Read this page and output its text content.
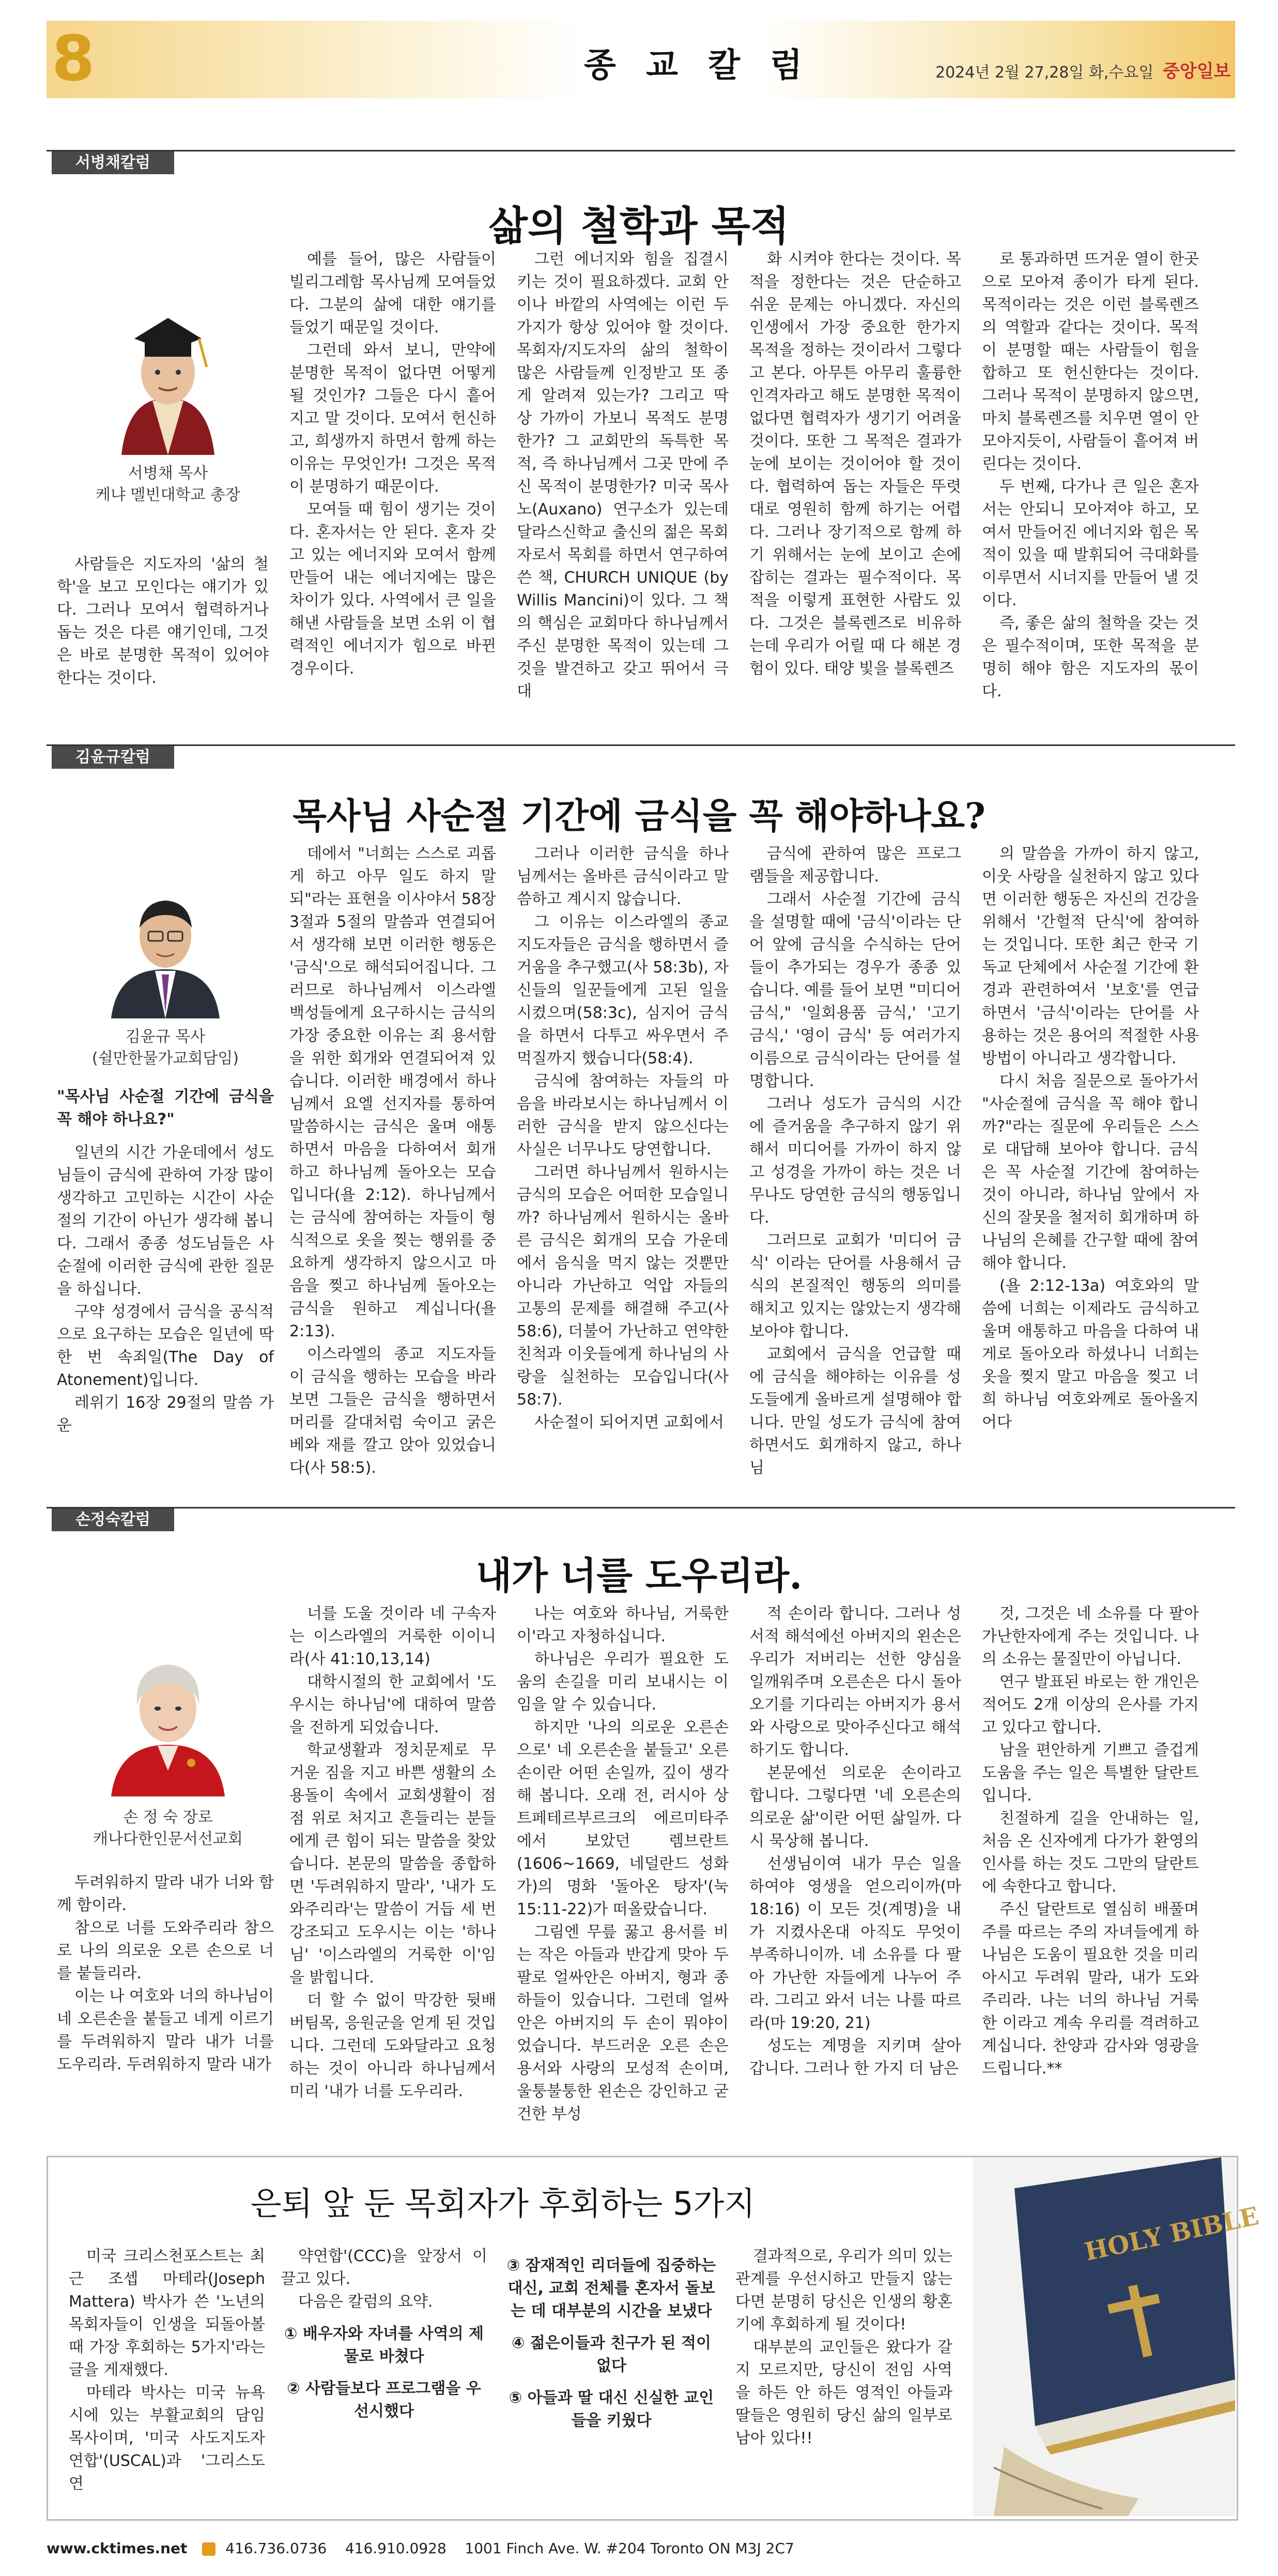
8	종 교 칼 럼	2024년 2월 27,28일 화,수요일 중앙일보
서병채칼럼
삶의 철학과 목적
서병채 목사
케냐 멜빈대학교 총장

사람들은 지도자의 '삶의 철학'을 보고 모인다는 얘기가 있다. 그러나 모여서 협력하거나 돕는 것은 다른 얘기인데, 그것은 바로 분명한 목적이 있어야 한다는 것이다.

예를 들어, 많은 사람들이 빌리그레함 목사님께 모여들었다. 그분의 삶에 대한 얘기를 들었기 때문일 것이다.

그런데 와서 보니, 만약에 분명한 목적이 없다면 어떻게 될 것인가? 그들은 다시 흩어지고 말 것이다. 모여서 헌신하고, 희생까지 하면서 함께 하는 이유는 무엇인가! 그것은 목적이 분명하기 때문이다.

모여들 때 힘이 생기는 것이다. 혼자서는 안 된다. 혼자 갖고 있는 에너지와 모여서 함께 만들어 내는 에너지에는 많은 차이가 있다. 사역에서 큰 일을 해낸 사람들을 보면 소위 이 협력적인 에너지가 힘으로 바뀐 경우이다.

그런 에너지와 힘을 집결시키는 것이 필요하겠다. 교회 안이나 바깥의 사역에는 이런 두 가지가 항상 있어야 할 것이다. 목회자/지도자의 삶의 철학이 많은 사람들께 인정받고 또 종게 알려져 있는가? 그리고 딱 상 가까이 가보니 목적도 분명한가? 그 교회만의 독특한 목적, 즉 하나님께서 그곳 만에 주신 목적이 분명한가? 미국 목사노(Auxano) 연구소가 있는데 달라스신학교 출신의 젊은 목회자로서 목회를 하면서 연구하여 쓴 책, CHURCH UNIQUE (by Willis Mancini)이 있다. 그 책의 핵심은 교회마다 하나님께서 주신 분명한 목적이 있는데 그것을 발견하고 갖고 뛰어서 극대

화 시켜야 한다는 것이다. 목적을 정한다는 것은 단순하고 쉬운 문제는 아니겠다. 자신의 인생에서 가장 중요한 한가지 목적을 정하는 것이라서 그렇다고 본다. 아무튼 아무리 훌륭한 인격자라고 해도 분명한 목적이 없다면 협력자가 생기기 어려울 것이다. 또한 그 목적은 결과가 눈에 보이는 것이어야 할 것이다. 협력하여 돕는 자들은 뚜렷대로 영원히 함께 하기는 어렵다. 그러나 장기적으로 함께 하기 위해서는 눈에 보이고 손에 잡히는 결과는 필수적이다. 목적을 이렇게 표현한 사람도 있다. 그것은 블록렌즈로 비유하는데 우리가 어릴 때 다 해본 경험이 있다. 태양 빛을 블록렌즈

로 통과하면 뜨거운 열이 한곳으로 모아져 종이가 타게 된다. 목적이라는 것은 이런 블록렌즈의 역할과 같다는 것이다. 목적이 분명할 때는 사람들이 힘을 합하고 또 헌신한다는 것이다. 그러나 목적이 분명하지 않으면, 마치 블록렌즈를 치우면 열이 안 모아지듯이, 사람들이 흩어져 버린다는 것이다.

두 번째, 다가나 큰 일은 혼자서는 안되니 모아져야 하고, 모여서 만들어진 에너지와 힘은 목적이 있을 때 발휘되어 극대화를 이루면서 시너지를 만들어 낼 것이다.

즉, 좋은 삶의 철학을 갖는 것은 필수적이며, 또한 목적을 분명히 해야 함은 지도자의 몫이다.

김윤규칼럼
목사님 사순절 기간에 금식을 꼭 해야하나요?
김윤규 목사
(쉴만한물가교회담임)

"목사님 사순절 기간에 금식을 꼭 해야 하나요?"

일년의 시간 가운데에서 성도님들이 금식에 관하여 가장 많이 생각하고 고민하는 시간이 사순절의 기간이 아닌가 생각해 봅니다. 그래서 종종 성도님들은 사순절에 이러한 금식에 관한 질문을 하십니다.

구약 성경에서 금식을 공식적으로 요구하는 모습은 일년에 딱 한 번 속죄일(The Day of Atonement)입니다.

레위기 16장 29절의 말씀 가운

데에서 "너희는 스스로 괴롭게 하고 아무 일도 하지 말되"라는 표현을 이사야서 58장 3절과 5절의 말씀과 연결되어서 생각해 보면 이러한 행동은 '금식'으로 해석되어집니다. 그러므로 하나님께서 이스라엘 백성들에게 요구하시는 금식의 가장 중요한 이유는 죄 용서함을 위한 회개와 연결되어져 있습니다. 이러한 배경에서 하나님께서 요엘 선지자를 통하여 말씀하시는 금식은 울며 애통하면서 마음을 다하여서 회개하고 하나님께 돌아오는 모습입니다(욜 2:12). 하나님께서는 금식에 참여하는 자들이 형식적으로 옷을 찢는 행위를 중요하게 생각하지 않으시고 마음을 찢고 하나님께 돌아오는 금식을 원하고 계십니다(욜 2:13).

이스라엘의 종교 지도자들이 금식을 행하는 모습을 바라보면 그들은 금식을 행하면서 머리를 갈대처럼 숙이고 굵은 베와 재를 깔고 앉아 있었습니다(사 58:5).

그러나 이러한 금식을 하나님께서는 올바른 금식이라고 말씀하고 계시지 않습니다.

그 이유는 이스라엘의 종교 지도자들은 금식을 행하면서 즐거움을 추구했고(사 58:3b), 자신들의 일꾼들에게 고된 일을 시켰으며(58:3c), 심지어 금식을 하면서 다투고 싸우면서 주먹질까지 했습니다(58:4).

금식에 참여하는 자들의 마음을 바라보시는 하나님께서 이러한 금식을 받지 않으신다는 사실은 너무나도 당연합니다.

그러면 하나님께서 원하시는 금식의 모습은 어떠한 모습일니까? 하나님께서 원하시는 올바른 금식은 회개의 모습 가운데에서 음식을 먹지 않는 것뿐만 아니라 가난하고 억압 자들의 고통의 문제를 해결해 주고(사 58:6), 더불어 가난하고 연약한 친척과 이웃들에게 하나님의 사랑을 실천하는 모습입니다(사 58:7).

사순절이 되어지면 교회에서

금식에 관하여 많은 프로그램들을 제공합니다.

그래서 사순절 기간에 금식을 설명할 때에 '금식'이라는 단어 앞에 금식을 수식하는 단어들이 추가되는 경우가 종종 있습니다. 예를 들어 보면 "미디어 금식," '일회용품 금식,' '고기 금식,' '영이 금식' 등 여러가지 이름으로 금식이라는 단어를 설명합니다.

그러나 성도가 금식의 시간에 즐거움을 추구하지 않기 위해서 미디어를 가까이 하지 않고 성경을 가까이 하는 것은 너무나도 당연한 금식의 행동입니다.

그러므로 교회가 '미디어 금식' 이라는 단어를 사용해서 금식의 본질적인 행동의 의미를 해치고 있지는 않았는지 생각해 보아야 합니다.

교회에서 금식을 언급할 때에 금식을 해야하는 이유를 성도들에게 올바르게 설명해야 합니다. 만일 성도가 금식에 참여하면서도 회개하지 않고, 하나님

의 말씀을 가까이 하지 않고, 이웃 사랑을 실천하지 않고 있다면 이러한 행동은 자신의 건강을 위해서 '간헐적 단식'에 참여하는 것입니다. 또한 최근 한국 기독교 단체에서 사순절 기간에 환경과 관련하여서 '보호'를 연급하면서 '금식'이라는 단어를 사용하는 것은 용어의 적절한 사용 방법이 아니라고 생각합니다.

다시 처음 질문으로 돌아가서 "사순절에 금식을 꼭 해야 합니까?"라는 질문에 우리들은 스스로 대답해 보아야 합니다. 금식은 꼭 사순절 기간에 참여하는 것이 아니라, 하나님 앞에서 자신의 잘못을 철저히 회개하며 하나님의 은혜를 간구할 때에 참여해야 합니다.

(욜 2:12-13a) 여호와의 말씀에 너희는 이제라도 금식하고 울며 애통하고 마음을 다하여 내게로 돌아오라 하셨나니 너희는 옷을 찢지 말고 마음을 찢고 너희 하나님 여호와께로 돌아올지어다

손정숙칼럼
내가 너를 도우리라.
손 정 숙 장로
캐나다한인문서선교회

두려워하지 말라 내가 너와 함께 함이라.

참으로 너를 도와주리라 참으로 나의 의로운 오른 손으로 너를 붙들리라.

이는 나 여호와 너의 하나님이 네 오른손을 붙들고 네게 이르기를 두려워하지 말라 내가 너를 도우리라. 두려워하지 말라 내가

너를 도울 것이라 네 구속자는 이스라엘의 거룩한 이이니라(사 41:10,13,14)

대학시절의 한 교회에서 '도우시는 하나님'에 대하여 말씀을 전하게 되었습니다.

학교생활과 정치문제로 무거운 짐을 지고 바쁜 생활의 소용돌이 속에서 교회생활이 점점 위로 처지고 흔들리는 분들에게 큰 힘이 되는 말씀을 찾았습니다. 본문의 말씀을 종합하면 '두려워하지 말라', '내가 도와주리라'는 말씀이 거듭 세 번 강조되고 도우시는 이는 '하나님' '이스라엘의 거룩한 이'임을 밝힙니다.

더 할 수 없이 막강한 뒷배 버팀목, 응원군을 얻게 된 것입니다. 그런데 도와달라고 요청하는 것이 아니라 하나님께서 미리 '내가 너를 도우리라.

나는 여호와 하나님, 거룩한 이'라고 자청하십니다.

하나님은 우리가 필요한 도움의 손길을 미리 보내시는 이임을 알 수 있습니다.

하지만 '나의 의로운 오른손으로' 네 오른손을 붙들고' 오른 손이란 어떤 손일까, 깊이 생각해 봅니다. 오래 전, 러시아 상트페테르부르크의 에르미타주에서 보았던 렘브란트(1606~1669, 네덜란드 성화가)의 명화 '돌아온 탕자'(눅 15:11-22)가 떠올랐습니다.

그림엔 무릎 꿇고 용서를 비는 작은 아들과 반갑게 맞아 두 팔로 얼싸안은 아버지, 형과 종 하들이 있습니다. 그런데 얼싸안은 아버지의 두 손이 뭐야이었습니다. 부드러운 오른 손은 용서와 사랑의 모성적 손이며, 울퉁불퉁한 왼손은 강인하고 굳건한 부성

적 손이라 합니다. 그러나 성서적 해석에선 아버지의 왼손은 우리가 저버리는 선한 양심을 일깨워주며 오른손은 다시 돌아오기를 기다리는 아버지가 용서와 사랑으로 맞아주신다고 해석하기도 합니다.

본문에선 의로운 손이라고 합니다. 그렇다면 '네 오른손의 의로운 삶'이란 어떤 삶일까. 다시 묵상해 봅니다.

선생님이여 내가 무슨 일을 하여야 영생을 얻으리이까(마 18:16) 이 모든 것(계명)을 내가 지켰사온대 아직도 무엇이 부족하니이까. 네 소유를 다 팔아 가난한 자들에게 나누어 주라. 그리고 와서 너는 나를 따르라(마 19:20, 21)

성도는 계명을 지키며 살아갑니다. 그러나 한 가지 더 남은

것, 그것은 네 소유를 다 팔아 가난한자에게 주는 것입니다. 나의 소유는 물질만이 아닙니다.

연구 발표된 바로는 한 개인은 적어도 2개 이상의 은사를 가지고 있다고 합니다.

남을 편안하게 기쁘고 즐겁게 도움을 주는 일은 특별한 달란트입니다.

친절하게 길을 안내하는 일, 처음 온 신자에게 다가가 환영의 인사를 하는 것도 그만의 달란트에 속한다고 합니다.

주신 달란트로 열심히 배풀며 주를 따르는 주의 자녀들에게 하나님은 도움이 필요한 것을 미리 아시고 두려워 말라, 내가 도와주리라. 나는 너의 하나님 거룩한 이라고 계속 우리를 격려하고 계십니다. 찬양과 감사와 영광을 드립니다.**

은퇴 앞 둔 목회자가 후회하는 5가지	HOLY BIBLE

미국 크리스천포스트는 최근 조셉 마테라(Joseph Mattera) 박사가 쓴 '노년의 목회자들이 인생을 되돌아볼 때 가장 후회하는 5가지'라는 글을 게재했다.

마테라 박사는 미국 뉴욕시에 있는 부활교회의 담임 목사이며, '미국 사도지도자연합'(USCAL)과 '그리스도연

약연합'(CCC)을 앞장서 이끌고 있다.

다음은 칼럼의 요약.

① 배우자와 자녀를 사역의 제물로 바쳤다

② 사람들보다 프로그램을 우선시했다

③ 잠재적인 리더들에 집중하는 대신, 교회 전체를 혼자서 돌보는 데 대부분의 시간을 보냈다

④ 젊은이들과 친구가 된 적이 없다

⑤ 아들과 딸 대신 신실한 교인들을 키웠다

결과적으로, 우리가 의미 있는 관계를 우선시하고 만들지 않는다면 분명히 당신은 인생의 황혼기에 후회하게 될 것이다!

대부분의 교인들은 왔다가 갈지 모르지만, 당신이 전임 사역을 하든 안 하든 영적인 아들과 딸들은 영원히 당신 삶의 일부로 남아 있다!!

www.cktimes.net	416.736.0736 416.910.0928 1001 Finch Ave. W. #204 Toronto ON M3J 2C7
